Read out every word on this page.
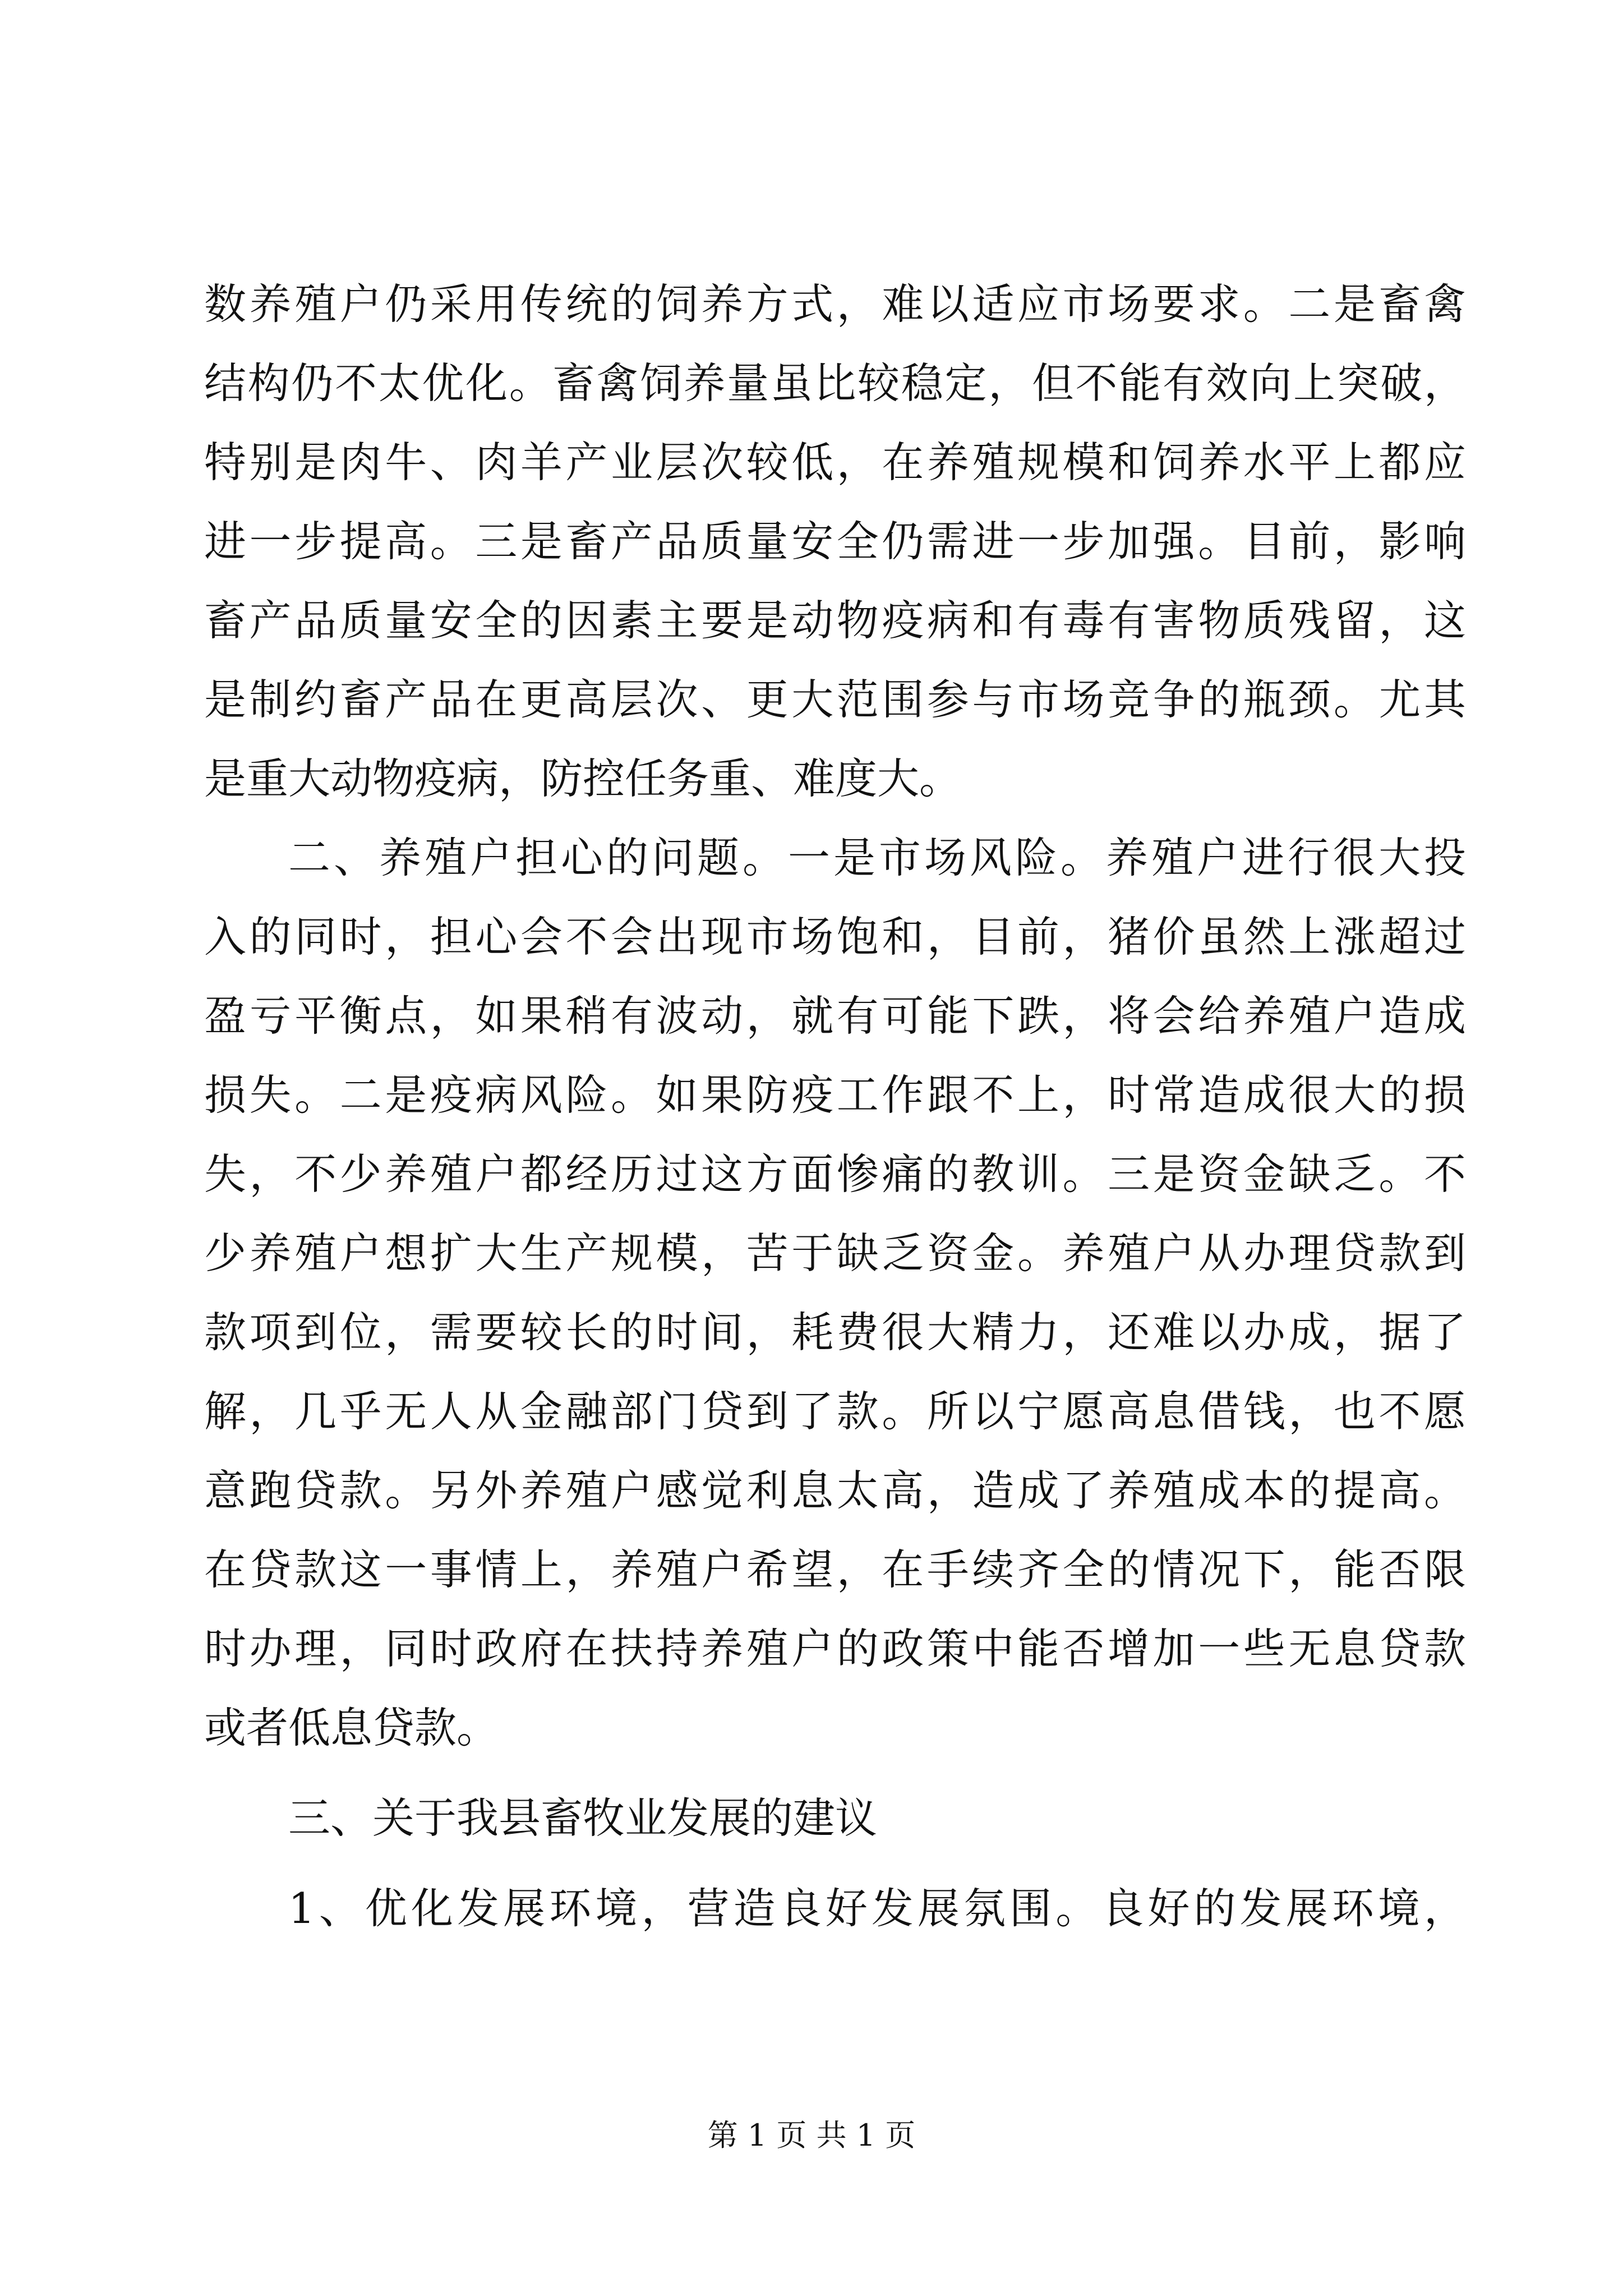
数养殖户仍采用传统的饲养方式，难以适应市场要求。二是畜禽
结构仍不太优化。畜禽饲养量虽比较稳定，但不能有效向上突破，
特别是肉牛、肉羊产业层次较低，在养殖规模和饲养水平上都应
进一步提高。三是畜产品质量安全仍需进一步加强。目前，影响
畜产品质量安全的因素主要是动物疫病和有毒有害物质残留，这
是制约畜产品在更高层次、更大范围参与市场竞争的瓶颈。尤其
是重大动物疫病，防控任务重、难度大。
二、养殖户担心的问题。一是市场风险。养殖户进行很大投
入的同时，担心会不会出现市场饱和，目前，猪价虽然上涨超过
盈亏平衡点，如果稍有波动，就有可能下跌，将会给养殖户造成
损失。二是疫病风险。如果防疫工作跟不上，时常造成很大的损
失，不少养殖户都经历过这方面惨痛的教训。三是资金缺乏。不
少养殖户想扩大生产规模，苦于缺乏资金。养殖户从办理贷款到
款项到位，需要较长的时间，耗费很大精力，还难以办成，据了
解，几乎无人从金融部门贷到了款。所以宁愿高息借钱，也不愿
意跑贷款。另外养殖户感觉利息太高，造成了养殖成本的提高。
在贷款这一事情上，养殖户希望，在手续齐全的情况下，能否限
时办理，同时政府在扶持养殖户的政策中能否增加一些无息贷款
或者低息贷款。
三、关于我县畜牧业发展的建议
1、优化发展环境，营造良好发展氛围。良好的发展环境，
第 1 页 共 1 页
